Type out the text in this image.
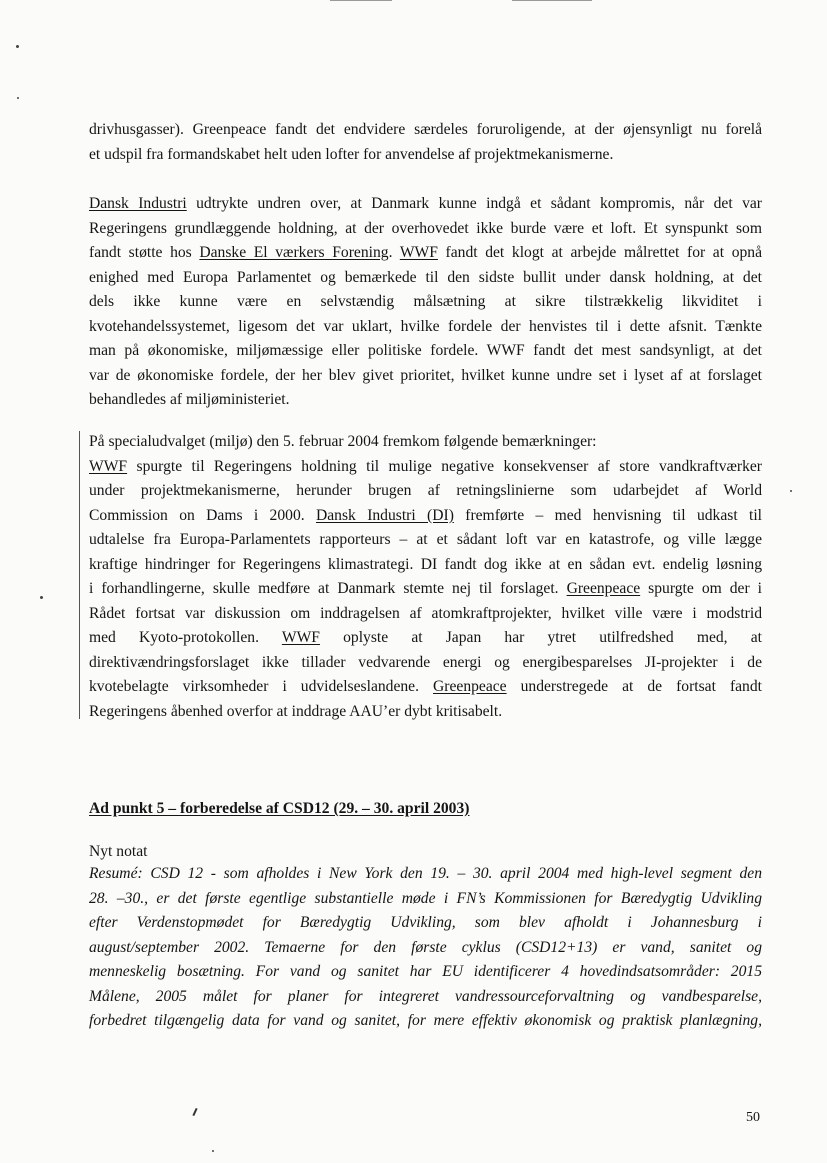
drivhusgasser). Greenpeace fandt det endvidere særdeles foruroligende, at der øjensynligt nu forelå
et udspil fra formandskabet helt uden lofter for anvendelse af projektmekanismerne.
Dansk Industri udtrykte undren over, at Danmark kunne indgå et sådant kompromis, når det var
Regeringens grundlæggende holdning, at der overhovedet ikke burde være et loft. Et synspunkt som
fandt støtte hos Danske El værkers Forening. WWF fandt det klogt at arbejde målrettet for at opnå
enighed med Europa Parlamentet og bemærkede til den sidste bullit under dansk holdning, at det
dels ikke kunne være en selvstændig målsætning at sikre tilstrækkelig likviditet i
kvotehandelssystemet, ligesom det var uklart, hvilke fordele der henvistes til i dette afsnit. Tænkte
man på økonomiske, miljømæssige eller politiske fordele. WWF fandt det mest sandsynligt, at det
var de økonomiske fordele, der her blev givet prioritet, hvilket kunne undre set i lyset af at forslaget
behandledes af miljøministeriet.
På specialudvalget (miljø) den 5. februar 2004 fremkom følgende bemærkninger:
WWF spurgte til Regeringens holdning til mulige negative konsekvenser af store vandkraftværker
under projektmekanismerne, herunder brugen af retningslinierne som udarbejdet af World
Commission on Dams i 2000. Dansk Industri (DI) fremførte – med henvisning til udkast til
udtalelse fra Europa-Parlamentets rapporteurs – at et sådant loft var en katastrofe, og ville lægge
kraftige hindringer for Regeringens klimastrategi. DI fandt dog ikke at en sådan evt. endelig løsning
i forhandlingerne, skulle medføre at Danmark stemte nej til forslaget. Greenpeace spurgte om der i
Rådet fortsat var diskussion om inddragelsen af atomkraftprojekter, hvilket ville være i modstrid
med Kyoto-protokollen. WWF oplyste at Japan har ytret utilfredshed med, at
direktivændringsforslaget ikke tillader vedvarende energi og energibesparelses JI-projekter i de
kvotebelagte virksomheder i udvidelseslandene. Greenpeace understregede at de fortsat fandt
Regeringens åbenhed overfor at inddrage AAU’er dybt kritisabelt.
Ad punkt 5 – forberedelse af CSD12 (29. – 30. april 2003)
Nyt notat
Resumé: CSD 12 - som afholdes i New York den 19. – 30. april 2004 med high-level segment den
28. –30., er det første egentlige substantielle møde i FN’s Kommissionen for Bæredygtig Udvikling
efter Verdenstopmødet for Bæredygtig Udvikling, som blev afholdt i Johannesburg i
august/september 2002. Temaerne for den første cyklus (CSD12+13) er vand, sanitet og
menneskelig bosætning. For vand og sanitet har EU identificerer 4 hovedindsatsområder: 2015
Målene, 2005 målet for planer for integreret vandressourceforvaltning og vandbesparelse,
forbedret tilgængelig data for vand og sanitet, for mere effektiv økonomisk og praktisk planlægning,
50
